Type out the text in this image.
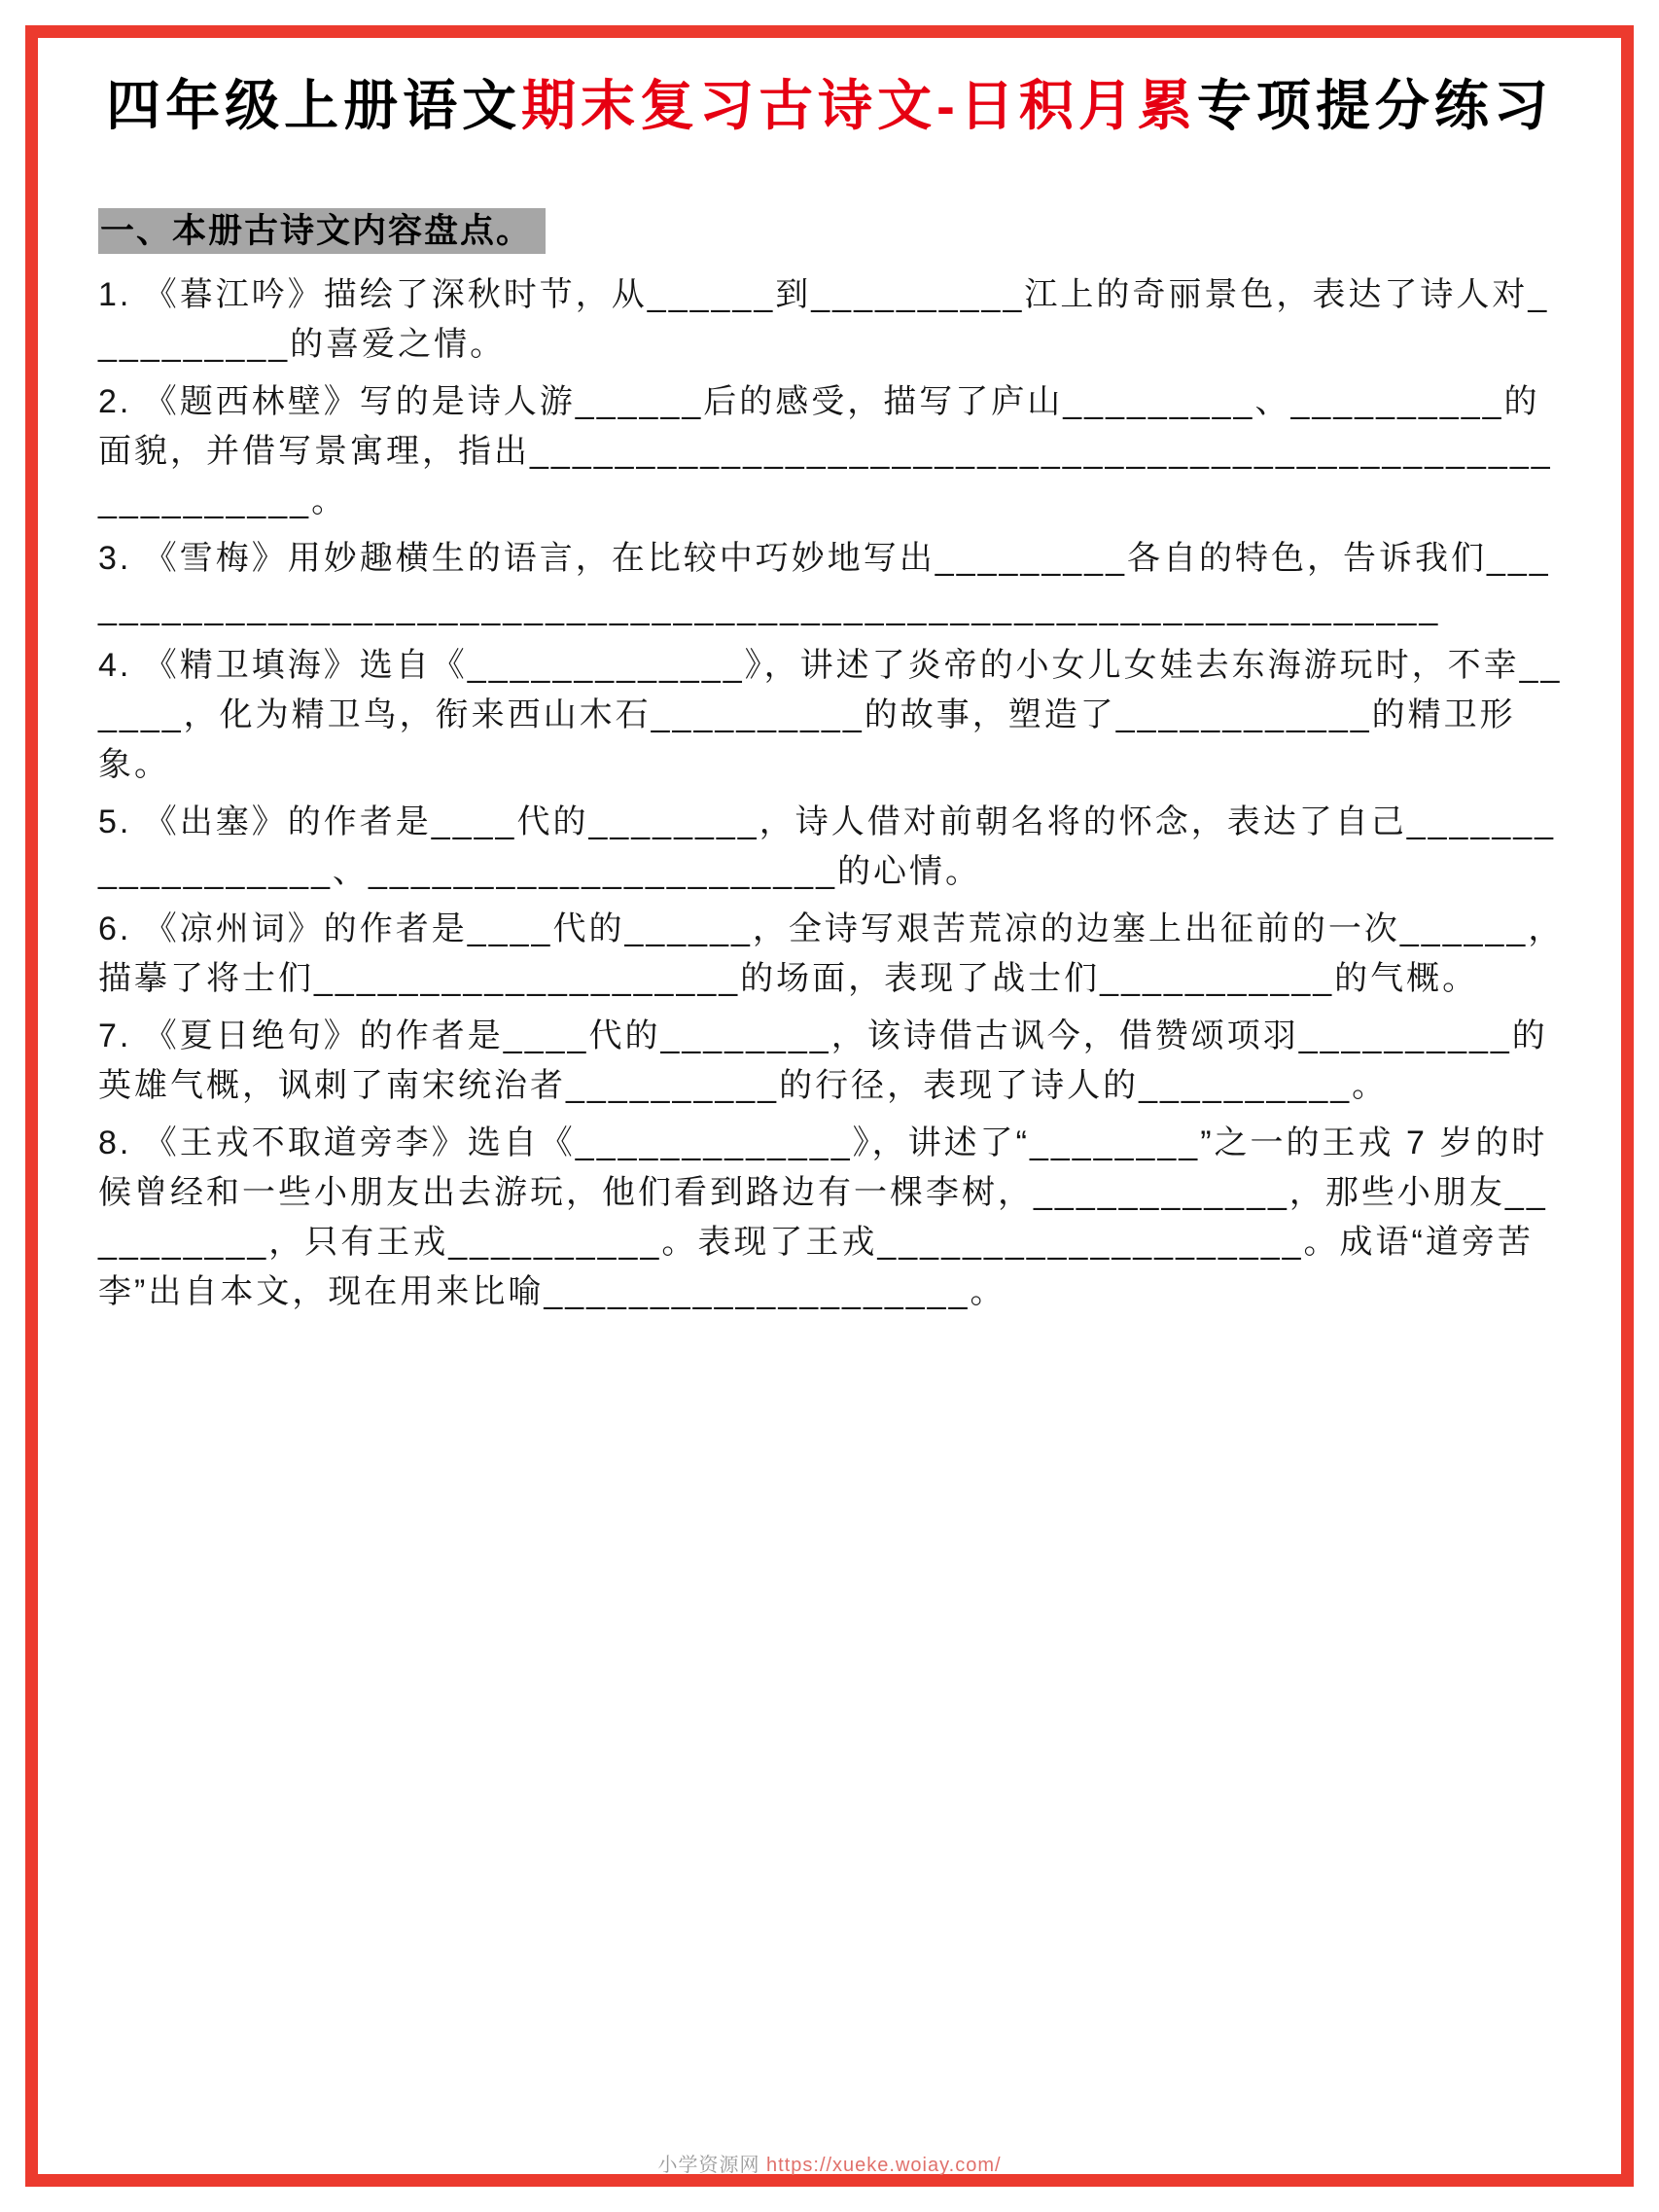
四年级上册语文期末复习古诗文-日积月累专项提分练习
一、本册古诗文内容盘点。

1. 《暮江吟》描绘了深秋时节，从______到__________江上的奇丽景色，表达了诗人对__________的喜爱之情。

2. 《题西林壁》写的是诗人游______后的感受，描写了庐山_________、__________的面貌，并借写景寓理，指出__________________________________________________________。

3. 《雪梅》用妙趣横生的语言，在比较中巧妙地写出_________各自的特色，告诉我们__________________________________________________________________

4. 《精卫填海》选自《_____________》，讲述了炎帝的小女儿女娃去东海游玩时，不幸______，化为精卫鸟，衔来西山木石__________的故事，塑造了____________的精卫形象。

5. 《出塞》的作者是____代的________，诗人借对前朝名将的怀念，表达了自己__________________、______________________的心情。

6. 《凉州词》的作者是____代的______，全诗写艰苦荒凉的边塞上出征前的一次______，描摹了将士们____________________的场面，表现了战士们___________的气概。

7. 《夏日绝句》的作者是____代的________，该诗借古讽今，借赞颂项羽__________的英雄气概，讽刺了南宋统治者__________的行径，表现了诗人的__________。

8. 《王戎不取道旁李》选自《_____________》，讲述了“________”之一的王戎 7 岁的时候曾经和一些小朋友出去游玩，他们看到路边有一棵李树，____________，那些小朋友__________，只有王戎__________。表现了王戎____________________。成语“道旁苦李”出自本文，现在用来比喻____________________。

小学资源网 https://xueke.woiay.com/
